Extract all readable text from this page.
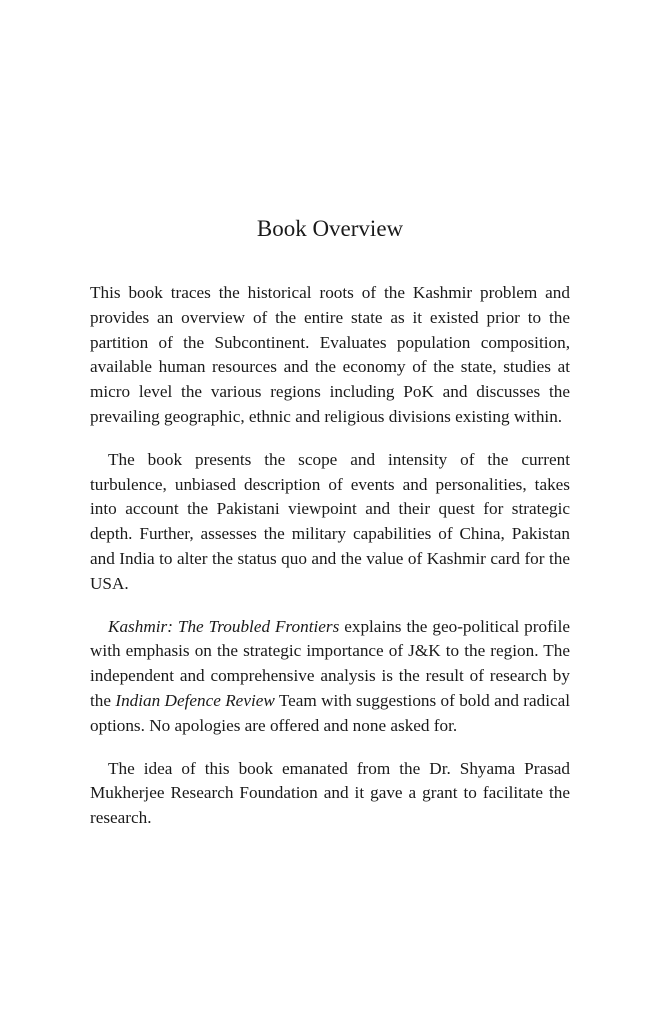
Book Overview

This book traces the historical roots of the Kashmir problem and provides an overview of the entire state as it existed prior to the partition of the Subcontinent. Evaluates population composition, available human resources and the economy of the state, studies at micro level the various regions including PoK and discusses the prevailing geographic, ethnic and religious divisions existing within.

The book presents the scope and intensity of the current turbulence, unbiased description of events and personalities, takes into account the Pakistani viewpoint and their quest for strategic depth. Further, assesses the military capabilities of China, Pakistan and India to alter the status quo and the value of Kashmir card for the USA.

Kashmir: The Troubled Frontiers explains the geo-political profile with emphasis on the strategic importance of J&K to the region. The independent and comprehensive analysis is the result of research by the Indian Defence Review Team with suggestions of bold and radical options. No apologies are offered and none asked for.

The idea of this book emanated from the Dr. Shyama Prasad Mukherjee Research Foundation and it gave a grant to facilitate the research.
